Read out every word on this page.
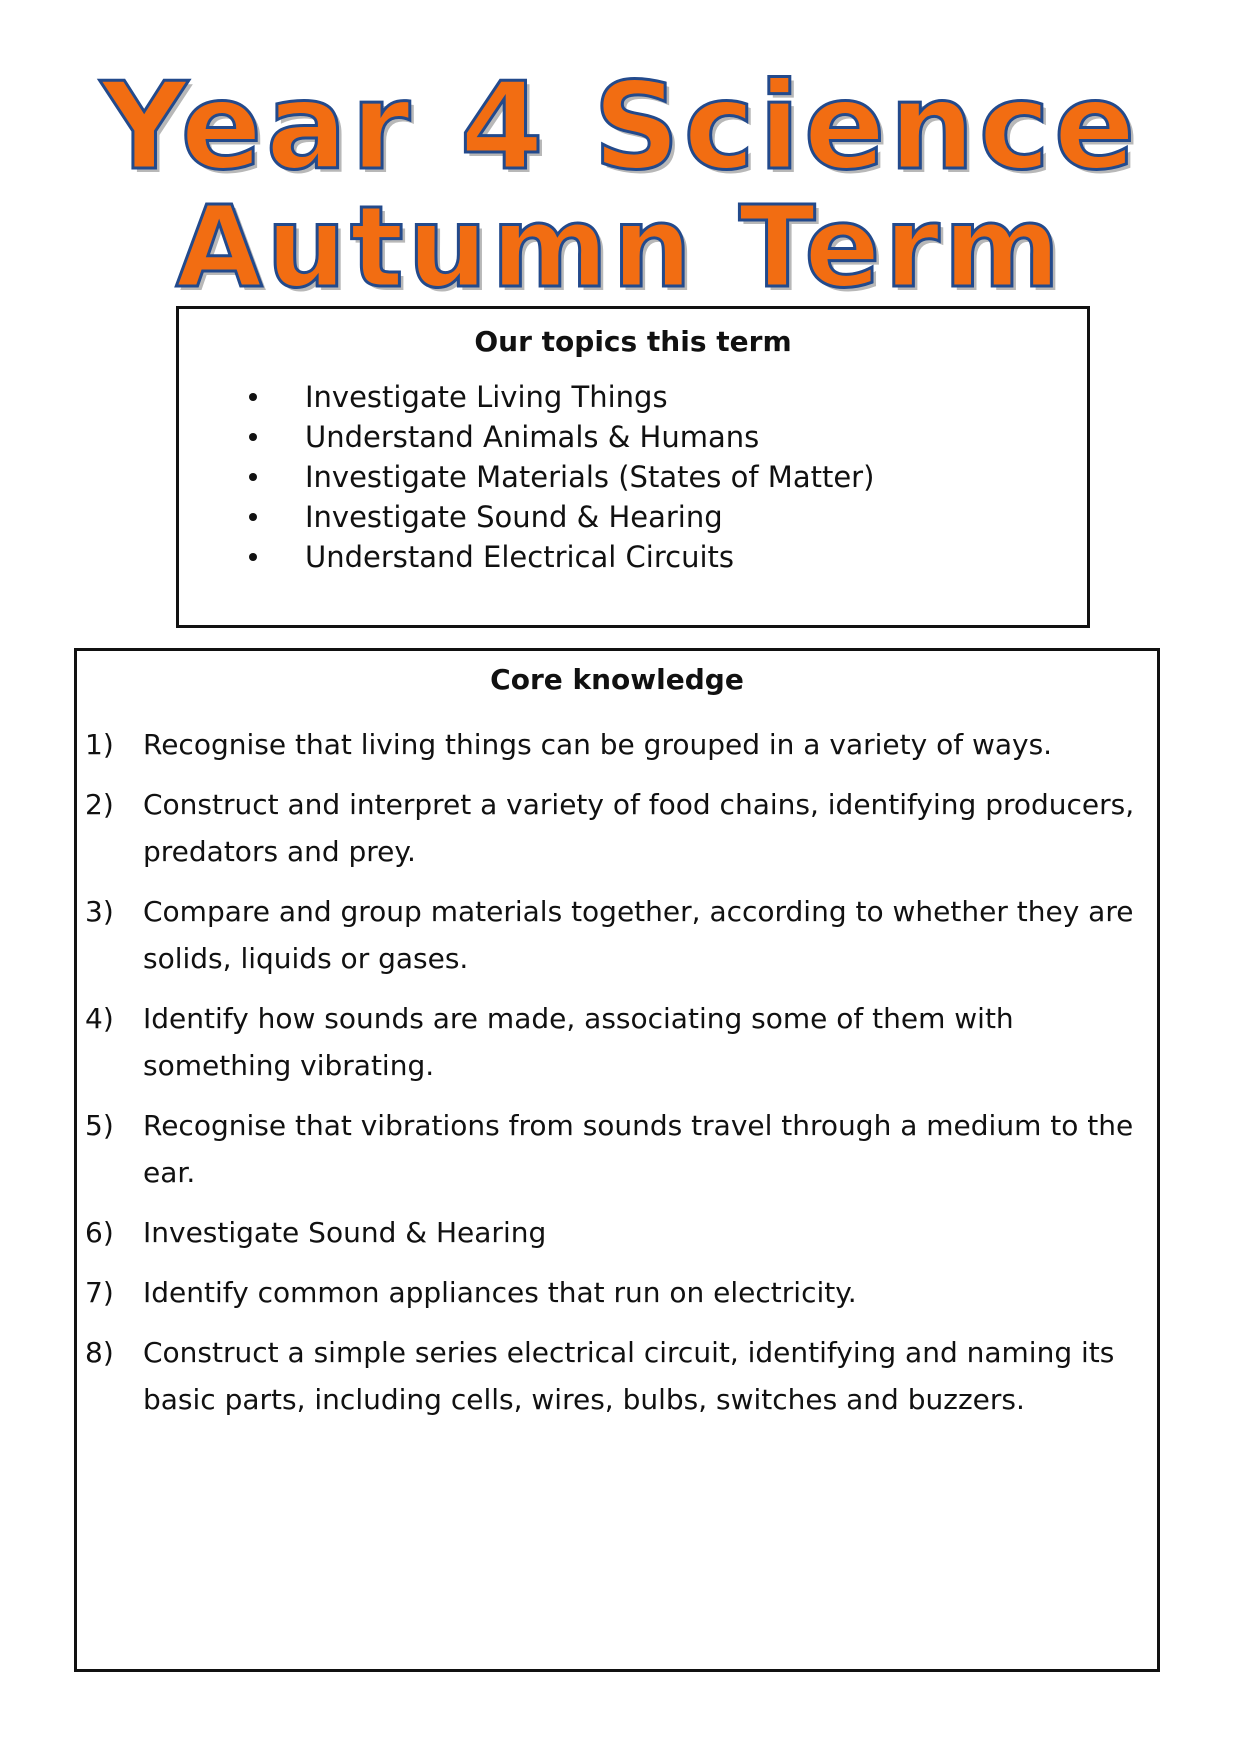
Year 4 Science
Autumn Term
Our topics this term
Investigate Living Things
Understand Animals & Humans
Investigate Materials (States of Matter)
Investigate Sound & Hearing
Understand Electrical Circuits
Core knowledge
1) Recognise that living things can be grouped in a variety of ways.
2) Construct and interpret a variety of food chains, identifying producers, predators and prey.
3) Compare and group materials together, according to whether they are solids, liquids or gases.
4) Identify how sounds are made, associating some of them with something vibrating.
5) Recognise that vibrations from sounds travel through a medium to the ear.
6) Investigate Sound & Hearing
7) Identify common appliances that run on electricity.
8) Construct a simple series electrical circuit, identifying and naming its basic parts, including cells, wires, bulbs, switches and buzzers.
